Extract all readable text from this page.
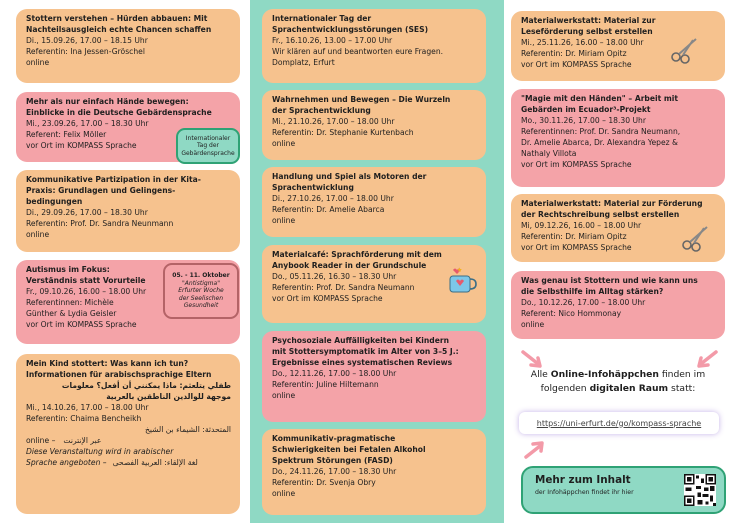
Stottern verstehen – Hürden abbauen: Mit
Nachteilsausgleich echte Chancen schaffen
Di., 15.09.26, 17.00 – 18.15 Uhr
Referentin: Ina Jessen-Gröschel
online
Mehr als nur einfach Hände bewegen:
Einblicke in die Deutsche Gebärdensprache
Mi., 23.09.26, 17.00 – 18.30 Uhr
Referent: Felix Möller
vor Ort im KOMPASS Sprache
Internationaler
Tag der
Gebärdensprache
Kommunikative Partizipation in der Kita-
Praxis: Grundlagen und Gelingens-
bedingungen
Di., 29.09.26, 17.00 – 18.30 Uhr
Referentin: Prof. Dr. Sandra Neunmann
online
Autismus im Fokus:
Verständnis statt Vorurteile
Fr., 09.10.26, 16.00 – 18.00 Uhr
Referentinnen: Michèle
Günther & Lydia Geisler
vor Ort im KOMPASS Sprache
05. - 11. Oktober
"Antistigma"
Erfurter Woche
der Seelischen
Gesundheit
Mein Kind stottert: Was kann ich tun?
Informationen für arabischsprachige Eltern
طفلي يتلعثم: ماذا يمكنني أن أفعل؟ معلومات
موجهة للوالدين الناطقين بالعربية
Mi., 14.10.26, 17.00 – 18.00 Uhr
Referentin: Chaima Bencheikh
المتحدثة: الشيماء بن الشيخ
online – عبر الإنترنت
Diese Veranstaltung wird in arabischer
Sprache angeboten – لغة الإلقاء: العربية الفصحى
Internationaler Tag der
Sprachentwicklungsstörungen (SES)
Fr., 16.10.26, 13.00 – 17.00 Uhr
Wir klären auf und beantworten eure Fragen.
Domplatz, Erfurt
Wahrnehmen und Bewegen – Die Wurzeln
der Sprachentwicklung
Mi., 21.10.26, 17.00 – 18.00 Uhr
Referentin: Dr. Stephanie Kurtenbach
online
Handlung und Spiel als Motoren der
Sprachentwicklung
Di., 27.10.26, 17.00 – 18.00 Uhr
Referentin: Dr. Amelie Abarca
online
Materialcafé: Sprachförderung mit dem
Anybook Reader in der Grundschule
Do., 05.11.26, 16.30 – 18.30 Uhr
Referentin: Prof. Dr. Sandra Neumann
vor Ort im KOMPASS Sprache
Psychosoziale Auffälligkeiten bei Kindern
mit Stottersymptomatik im Alter von 3–5 J.:
Ergebnisse eines systematischen Reviews
Do., 12.11.26, 17.00 – 18.00 Uhr
Referentin: Juline Hiltemann
online
Kommunikativ-pragmatische
Schwierigkeiten bei Fetalen Alkohol
Spektrum Störungen (FASD)
Do., 24.11.26, 17.00 – 18.30 Uhr
Referentin: Dr. Svenja Obry
online
Materialwerkstatt: Material zur
Leseförderung selbst erstellen
Mi., 25.11.26, 16.00 – 18.00 Uhr
Referentin: Dr. Miriam Opitz
vor Ort im KOMPASS Sprache
"Magie mit den Händen" – Arbeit mit
Gebärden im Ecuador³-Projekt
Mo., 30.11.26, 17.00 – 18.30 Uhr
Referentinnen: Prof. Dr. Sandra Neumann,
Dr. Amelie Abarca, Dr. Alexandra Yepez &
Nathaly Villota
vor Ort im KOMPASS Sprache
Materialwerkstatt: Material zur Förderung
der Rechtschreibung selbst erstellen
Mi, 09.12.26, 16.00 – 18.00 Uhr
Referentin: Dr. Miriam Opitz
vor Ort im KOMPASS Sprache
Was genau ist Stottern und wie kann uns
die Selbsthilfe im Alltag stärken?
Do., 10.12.26, 17.00 – 18.00 Uhr
Referent: Nico Hommonay
online
Alle Online-Infohäppchen finden im
folgenden digitalen Raum statt:
https://uni-erfurt.de/go/kompass-sprache
Mehr zum Inhalt
der Infohäppchen findet ihr hier
